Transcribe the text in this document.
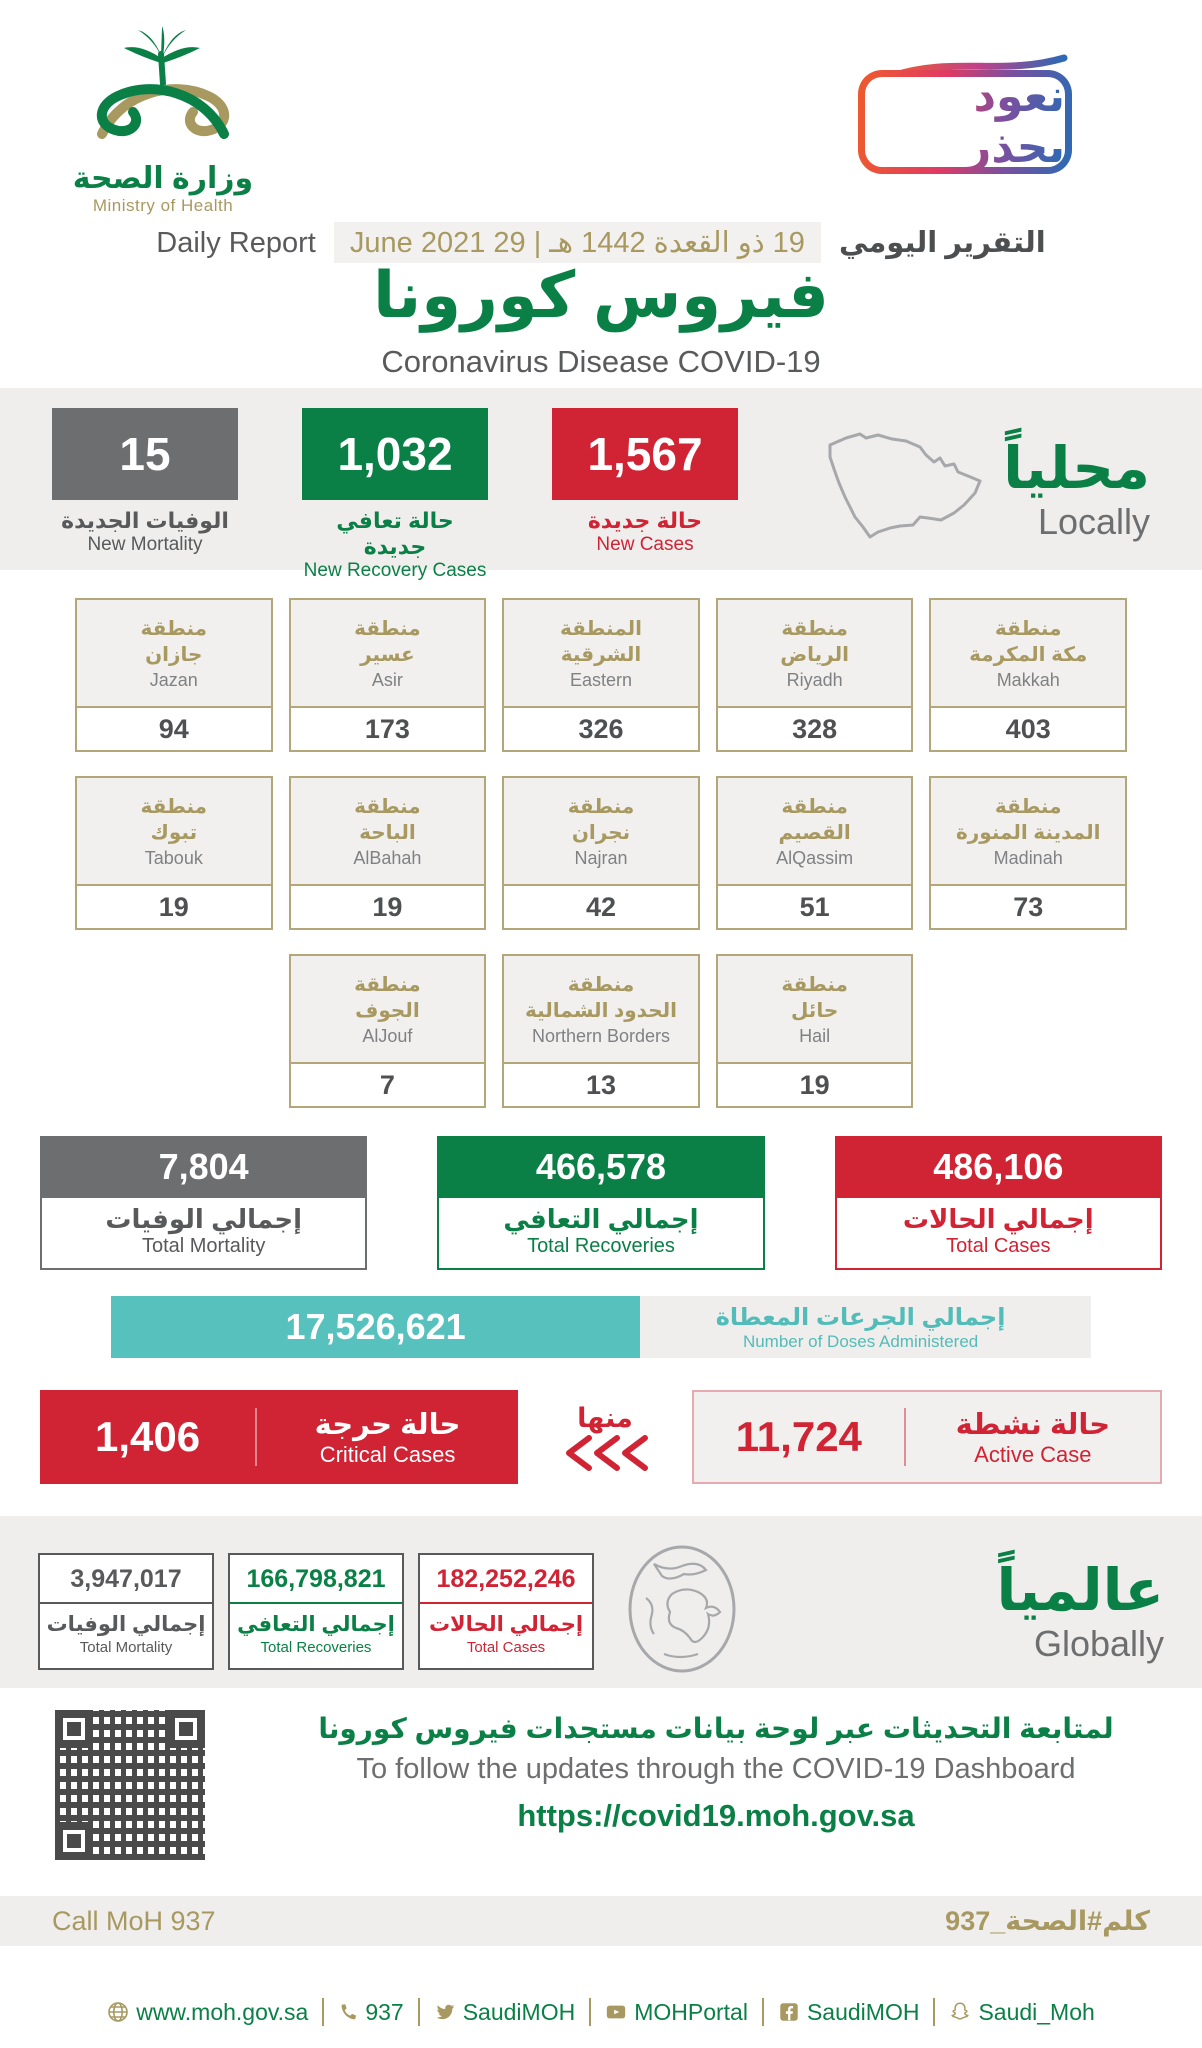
وزارة الصحة
Ministry of Health
نعود بحذر
Daily Report	19 ذو القعدة 1442 هـ|29 June 2021	التقرير اليومي
فيروس كورونا
Coronavirus Disease COVID-19
15
الوفيات الجديدة
New Mortality
1,032
حالة تعافي جديدة
New Recovery Cases
1,567
حالة جديدة
New Cases
محلياً
Locally
منطقة
مكة المكرمة
Makkah
403
منطقة
الرياض
Riyadh
328
المنطقة
الشرقية
Eastern
326
منطقة
عسير
Asir
173
منطقة
جازان
Jazan
94
منطقة
المدينة المنورة
Madinah
73
منطقة
القصيم
AlQassim
51
منطقة
نجران
Najran
42
منطقة
الباحة
AlBahah
19
منطقة
تبوك
Tabouk
19
منطقة
حائل
Hail
19
منطقة
الحدود الشمالية
Northern Borders
13
منطقة
الجوف
AlJouf
7
7,804
إجمالي الوفيات
Total Mortality
466,578
إجمالي التعافي
Total Recoveries
486,106
إجمالي الحالات
Total Cases
17,526,621	إجمالي الجرعات المعطاة
Number of Doses Administered
1,406	حالة حرجة
Critical Cases
منها	11,724	حالة نشطة
Active Case
3,947,017
إجمالي الوفيات
Total Mortality
166,798,821
إجمالي التعافي
Total Recoveries
182,252,246
إجمالي الحالات
Total Cases
عالمياً
Globally
لمتابعة التحديثات عبر لوحة بيانات مستجدات فيروس كورونا
To follow the updates through the COVID-19 Dashboard
https://covid19.moh.gov.sa
Call MoH 937	كلم#الصحة_937
www.moh.gov.sa 937	SaudiMOH	MOHPortal	SaudiMOH	Saudi_Moh
